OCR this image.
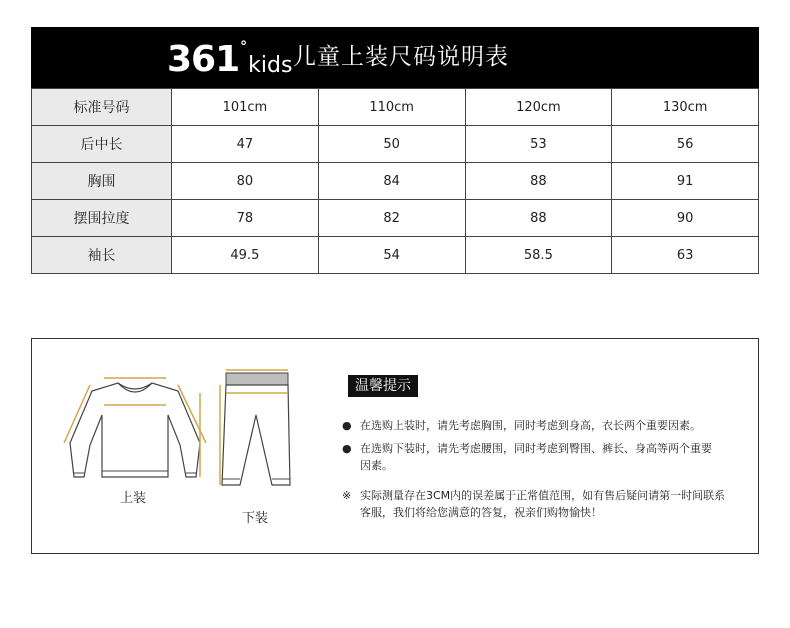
361 °
kids 儿童上装尺码说明表
标准号码	101cm	110cm	120cm	130cm
后中长	47	50	53	56
胸围	80	84	88	91
摆围拉度	78	82	88	90
袖长	49.5	54	58.5	63
上装
下装
温馨提示
● 在选购上装时，请先考虑胸围，同时考虑到身高，衣长两个重要因素。
● 在选购下装时，请先考虑腰围，同时考虑到臀围、裤长、身高等两个重要因素。
※ 实际测量存在3CM内的误差属于正常值范围，如有售后疑问请第一时间联系客服，我们将给您满意的答复，祝亲们购物愉快！
